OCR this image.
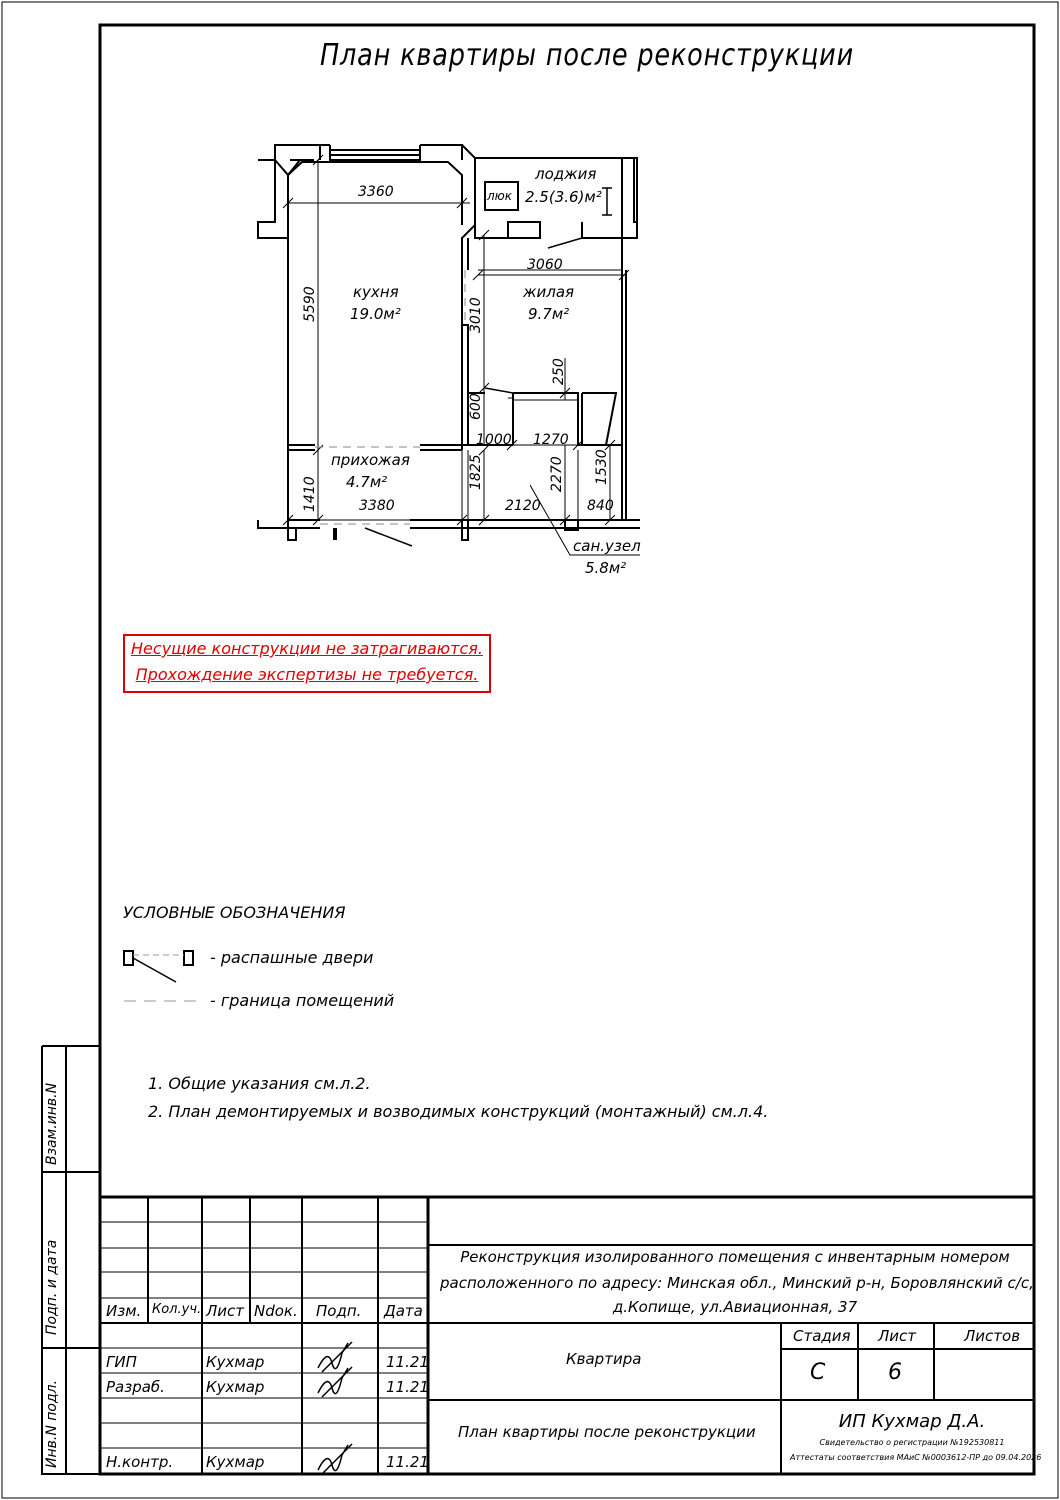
План квартиры после реконструкции
лоджия
2.5(3.6)м²
люк
кухня
19.0м²
жилая
9.7м²
прихожая
4.7м²
сан.узел
5.8м²
3360
3060
1000 1270
3380	2120	840
5590	3010
250
600
1410
1825	2270 1530
Несущие конструкции не затрагиваются.
Прохождение экспертизы не требуется.
УСЛОВНЫЕ ОБОЗНАЧЕНИЯ
- распашные двери
- граница помещений
1. Общие указания см.л.2.
2. План демонтируемых и возводимых конструкций (монтажный) см.л.4.
Взам.инв.N
Подп. и дата
Инв.N подл.
Изм. Кол.уч. Лист Ndок. Подп. Дата
ГИП	Кухмар	11.21
Разраб.	Кухмар	11.21
Н.контр. Кухмар	11.21
Реконструкция изолированного помещения с инвентарным номером
расположенного по адресу: Минская обл., Минский р-н, Боровлянский с/с,
д.Копище, ул.Авиационная, 37
Квартира
План квартиры после реконструкции
Стадия Лист	Листов
С	6
ИП Кухмар Д.А.
Свидетельство о регистрации №192530811
Аттестаты соответствия МАиС №0003612-ПР до 09.04.2026
